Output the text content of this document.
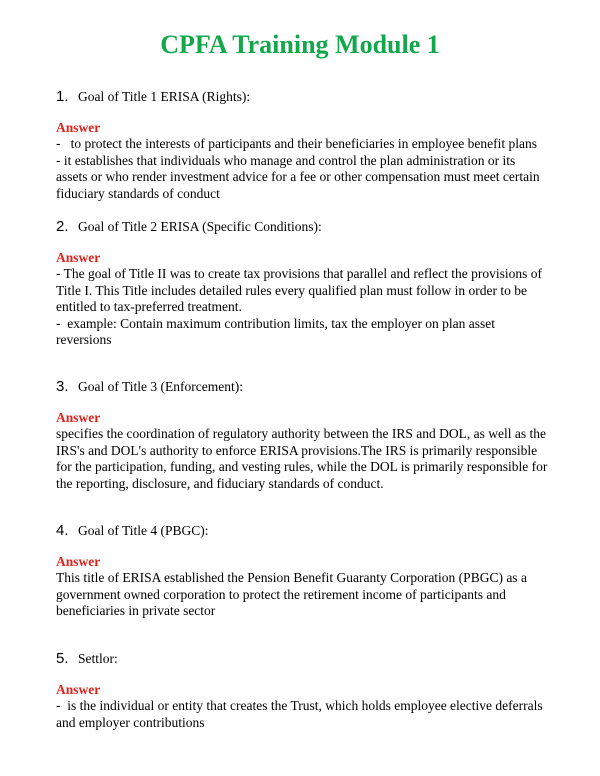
CPFA Training Module 1

1. Goal of Title 1 ERISA (Rights):

Answer

-   to protect the interests of participants and their beneficiaries in employee benefit plans

- it establishes that individuals who manage and control the plan administration or its

assets or who render investment advice for a fee or other compensation must meet certain

fiduciary standards of conduct

2. Goal of Title 2 ERISA (Specific Conditions):

Answer

- The goal of Title II was to create tax provisions that parallel and reflect the provisions of

Title I. This Title includes detailed rules every qualified plan must follow in order to be

entitled to tax-preferred treatment.

-  example: Contain maximum contribution limits, tax the employer on plan asset

reversions

3. Goal of Title 3 (Enforcement):

Answer

specifies the coordination of regulatory authority between the IRS and DOL, as well as the

IRS's and DOL's authority to enforce ERISA provisions.The IRS is primarily responsible

for the participation, funding, and vesting rules, while the DOL is primarily responsible for

the reporting, disclosure, and fiduciary standards of conduct.

4. Goal of Title 4 (PBGC):

Answer

This title of ERISA established the Pension Benefit Guaranty Corporation (PBGC) as a

government owned corporation to protect the retirement income of participants and

beneficiaries in private sector

5. Settlor:

Answer

-  is the individual or entity that creates the Trust, which holds employee elective deferrals

and employer contributions
